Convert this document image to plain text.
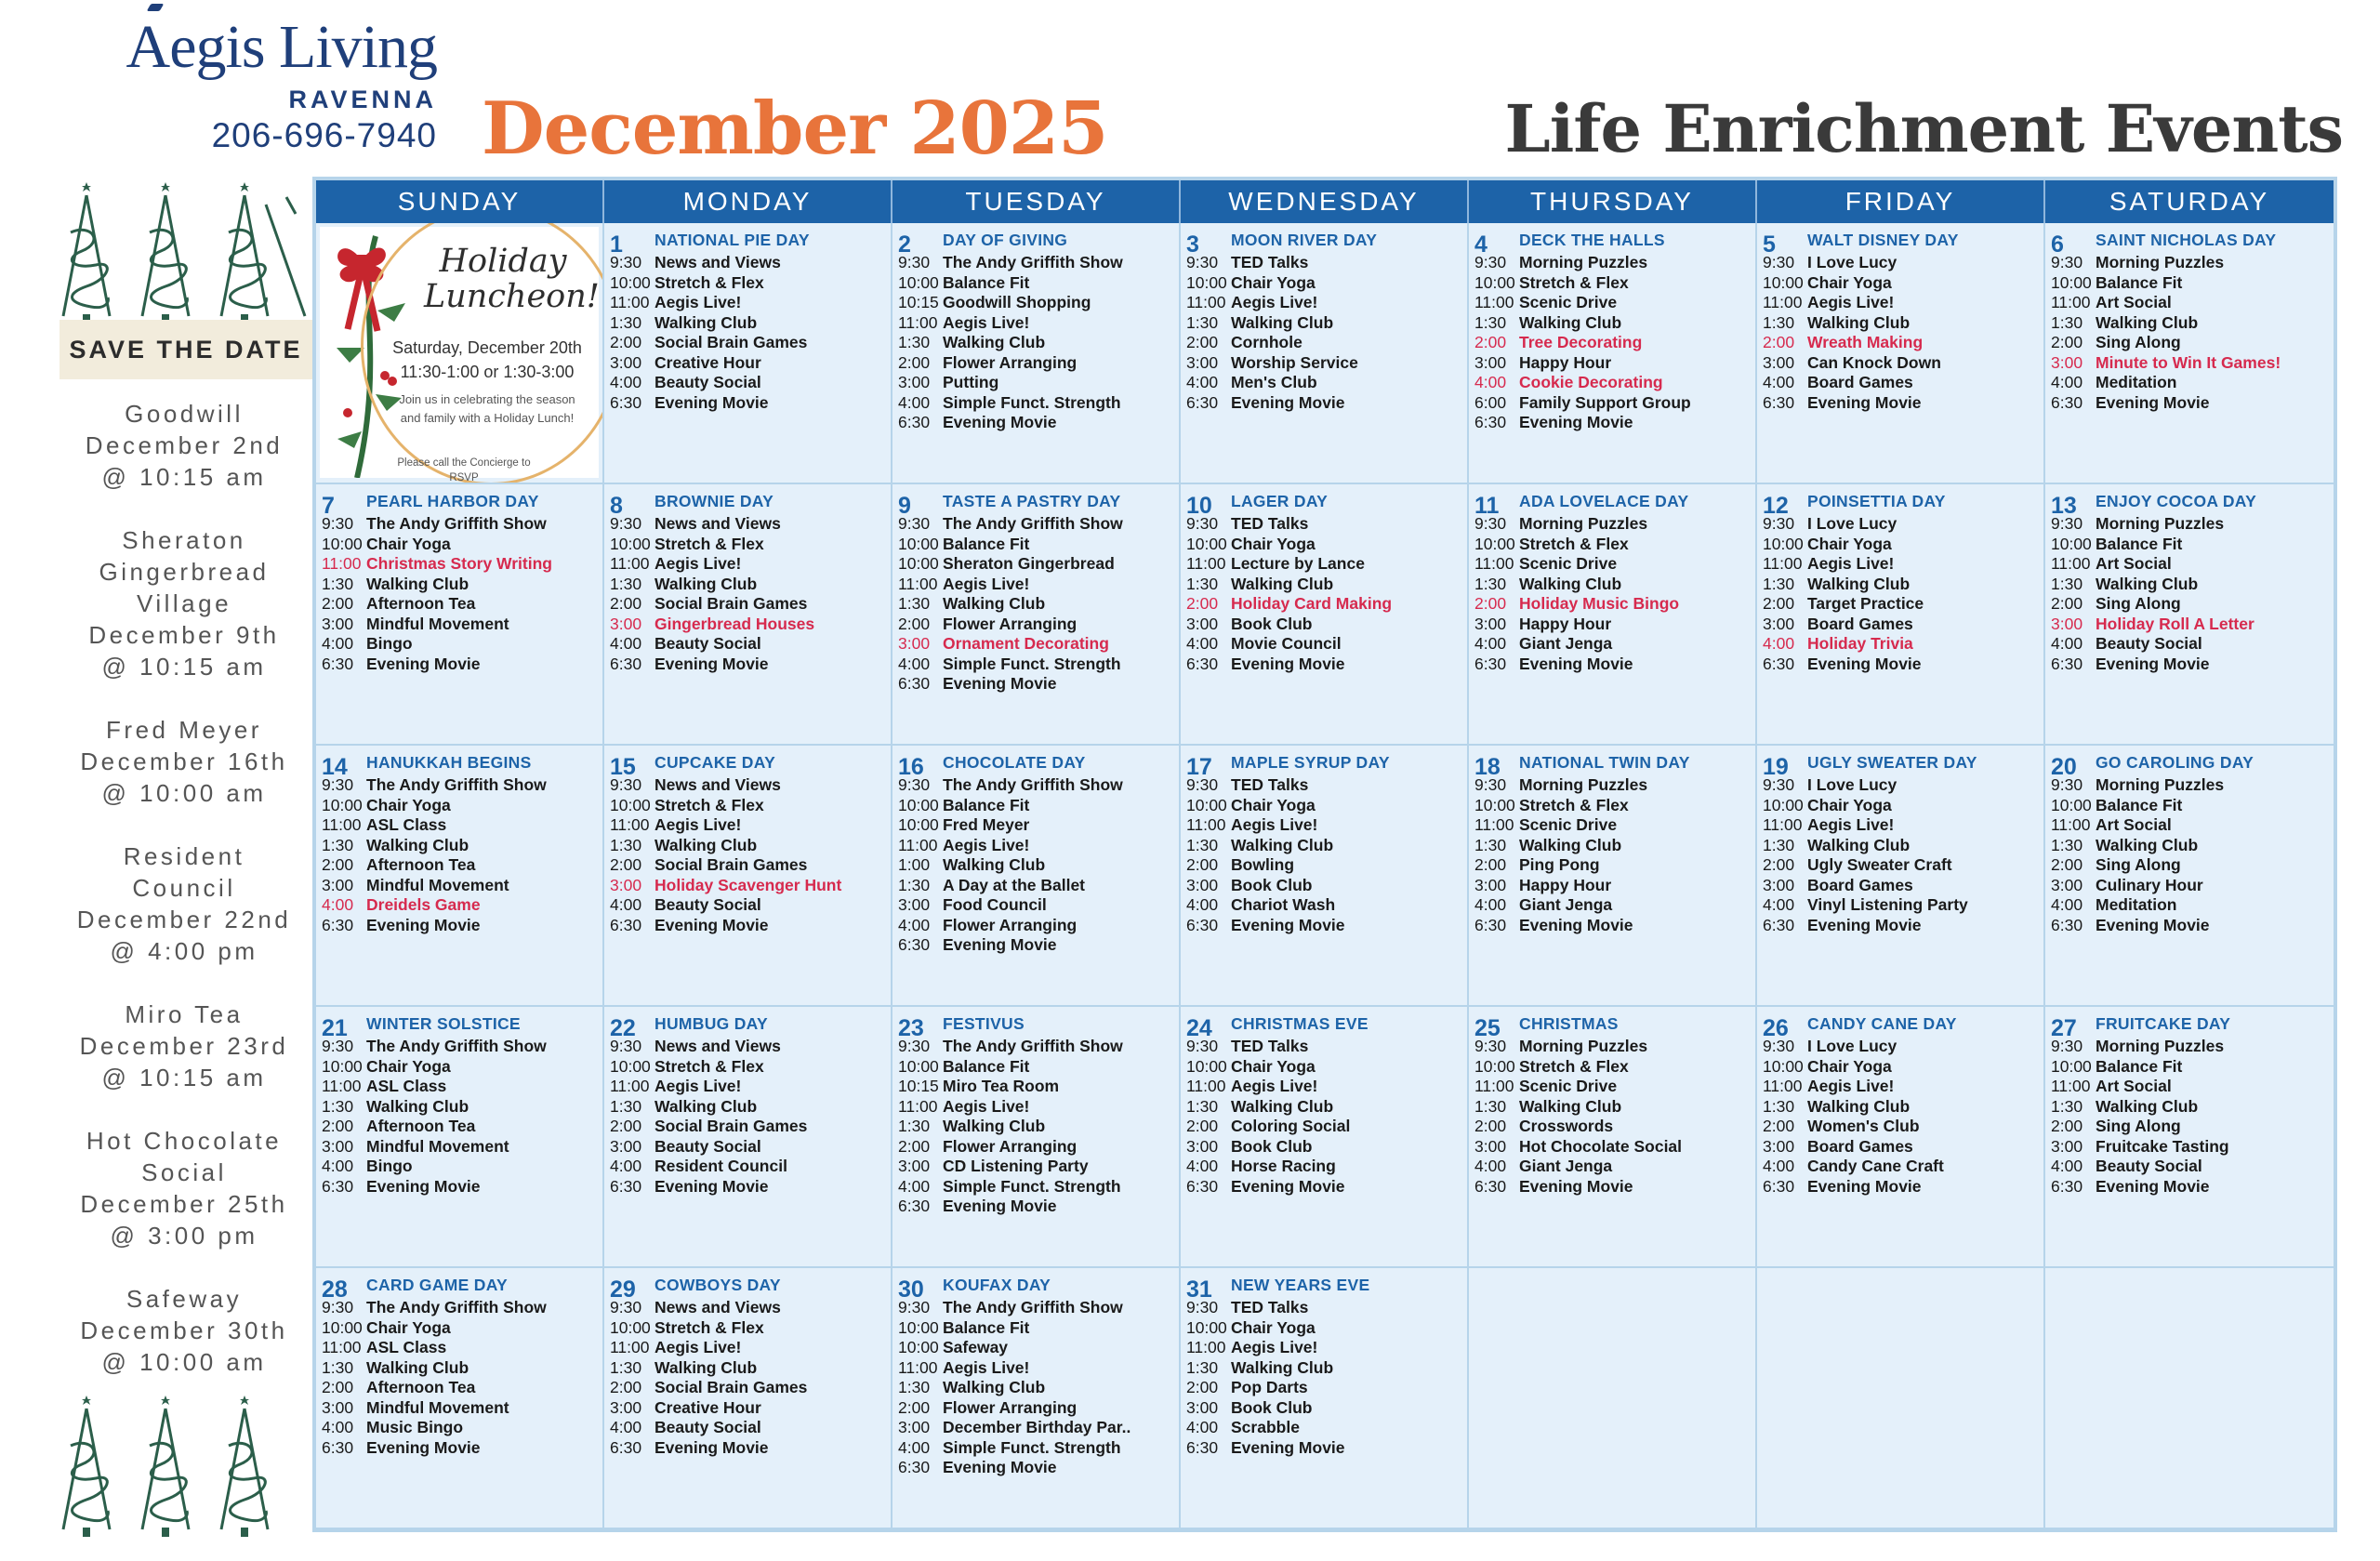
Aegis Living
RAVENNA
206-696-7940 December 2025	Life Enrichment Events
SAVE THE DATE
Goodwill
December 2nd
@ 10:15 am
Sheraton
Gingerbread
Village
December 9th
@ 10:15 am
Fred Meyer
December 16th
@ 10:00 am
Resident
Council
December 22nd
@ 4:00 pm
Miro Tea
December 23rd
@ 10:15 am
Hot Chocolate
Social
December 25th
@ 3:00 pm
Safeway
December 30th
@ 10:00 am
SUNDAY	MONDAY	TUESDAY	WEDNESDAY	THURSDAY	FRIDAY	SATURDAY
Holiday
Luncheon!
Saturday, December 20th
11:30-1:00 or 1:30-3:00
Join us in celebrating the season and family with a Holiday Lunch!
Please call the Concierge to RSVP
1	NATIONAL PIE DAY
9:30 News and Views
10:00 Stretch & Flex
11:00 Aegis Live!
1:30 Walking Club
2:00 Social Brain Games
3:00 Creative Hour
4:00 Beauty Social
6:30 Evening Movie
2	DAY OF GIVING
9:30 The Andy Griffith Show
10:00 Balance Fit
10:15 Goodwill Shopping
11:00 Aegis Live!
1:30 Walking Club
2:00 Flower Arranging
3:00 Putting
4:00 Simple Funct. Strength
6:30 Evening Movie
3	MOON RIVER DAY
9:30 TED Talks
10:00 Chair Yoga
11:00 Aegis Live!
1:30 Walking Club
2:00 Cornhole
3:00 Worship Service
4:00 Men's Club
6:30 Evening Movie
4	DECK THE HALLS
9:30 Morning Puzzles
10:00 Stretch & Flex
11:00 Scenic Drive
1:30 Walking Club
2:00 Tree Decorating
3:00 Happy Hour
4:00 Cookie Decorating
6:00 Family Support Group
6:30 Evening Movie
5	WALT DISNEY DAY
9:30 I Love Lucy
10:00 Chair Yoga
11:00 Aegis Live!
1:30 Walking Club
2:00 Wreath Making
3:00 Can Knock Down
4:00 Board Games
6:30 Evening Movie
6	SAINT NICHOLAS DAY
9:30 Morning Puzzles
10:00 Balance Fit
11:00 Art Social
1:30 Walking Club
2:00 Sing Along
3:00 Minute to Win It Games!
4:00 Meditation
6:30 Evening Movie
7	PEARL HARBOR DAY
9:30 The Andy Griffith Show
10:00 Chair Yoga
11:00 Christmas Story Writing
1:30 Walking Club
2:00 Afternoon Tea
3:00 Mindful Movement
4:00 Bingo
6:30 Evening Movie
8	BROWNIE DAY
9:30 News and Views
10:00 Stretch & Flex
11:00 Aegis Live!
1:30 Walking Club
2:00 Social Brain Games
3:00 Gingerbread Houses
4:00 Beauty Social
6:30 Evening Movie
9	TASTE A PASTRY DAY
9:30 The Andy Griffith Show
10:00 Balance Fit
10:00 Sheraton Gingerbread
11:00 Aegis Live!
1:30 Walking Club
2:00 Flower Arranging
3:00 Ornament Decorating
4:00 Simple Funct. Strength
6:30 Evening Movie
10	LAGER DAY
9:30 TED Talks
10:00 Chair Yoga
11:00 Lecture by Lance
1:30 Walking Club
2:00 Holiday Card Making
3:00 Book Club
4:00 Movie Council
6:30 Evening Movie
11	ADA LOVELACE DAY
9:30 Morning Puzzles
10:00 Stretch & Flex
11:00 Scenic Drive
1:30 Walking Club
2:00 Holiday Music Bingo
3:00 Happy Hour
4:00 Giant Jenga
6:30 Evening Movie
12	POINSETTIA DAY
9:30 I Love Lucy
10:00 Chair Yoga
11:00 Aegis Live!
1:30 Walking Club
2:00 Target Practice
3:00 Board Games
4:00 Holiday Trivia
6:30 Evening Movie
13	ENJOY COCOA DAY
9:30 Morning Puzzles
10:00 Balance Fit
11:00 Art Social
1:30 Walking Club
2:00 Sing Along
3:00 Holiday Roll A Letter
4:00 Beauty Social
6:30 Evening Movie
14	HANUKKAH BEGINS
9:30 The Andy Griffith Show
10:00 Chair Yoga
11:00 ASL Class
1:30 Walking Club
2:00 Afternoon Tea
3:00 Mindful Movement
4:00 Dreidels Game
6:30 Evening Movie
15	CUPCAKE DAY
9:30 News and Views
10:00 Stretch & Flex
11:00 Aegis Live!
1:30 Walking Club
2:00 Social Brain Games
3:00 Holiday Scavenger Hunt
4:00 Beauty Social
6:30 Evening Movie
16	CHOCOLATE DAY
9:30 The Andy Griffith Show
10:00 Balance Fit
10:00 Fred Meyer
11:00 Aegis Live!
1:00 Walking Club
1:30 A Day at the Ballet
3:00 Food Council
4:00 Flower Arranging
6:30 Evening Movie
17	MAPLE SYRUP DAY
9:30 TED Talks
10:00 Chair Yoga
11:00 Aegis Live!
1:30 Walking Club
2:00 Bowling
3:00 Book Club
4:00 Chariot Wash
6:30 Evening Movie
18	NATIONAL TWIN DAY
9:30 Morning Puzzles
10:00 Stretch & Flex
11:00 Scenic Drive
1:30 Walking Club
2:00 Ping Pong
3:00 Happy Hour
4:00 Giant Jenga
6:30 Evening Movie
19	UGLY SWEATER DAY
9:30 I Love Lucy
10:00 Chair Yoga
11:00 Aegis Live!
1:30 Walking Club
2:00 Ugly Sweater Craft
3:00 Board Games
4:00 Vinyl Listening Party
6:30 Evening Movie
20	GO CAROLING DAY
9:30 Morning Puzzles
10:00 Balance Fit
11:00 Art Social
1:30 Walking Club
2:00 Sing Along
3:00 Culinary Hour
4:00 Meditation
6:30 Evening Movie
21	WINTER SOLSTICE
9:30 The Andy Griffith Show
10:00 Chair Yoga
11:00 ASL Class
1:30 Walking Club
2:00 Afternoon Tea
3:00 Mindful Movement
4:00 Bingo
6:30 Evening Movie
22	HUMBUG DAY
9:30 News and Views
10:00 Stretch & Flex
11:00 Aegis Live!
1:30 Walking Club
2:00 Social Brain Games
3:00 Beauty Social
4:00 Resident Council
6:30 Evening Movie
23	FESTIVUS
9:30 The Andy Griffith Show
10:00 Balance Fit
10:15 Miro Tea Room
11:00 Aegis Live!
1:30 Walking Club
2:00 Flower Arranging
3:00 CD Listening Party
4:00 Simple Funct. Strength
6:30 Evening Movie
24	CHRISTMAS EVE
9:30 TED Talks
10:00 Chair Yoga
11:00 Aegis Live!
1:30 Walking Club
2:00 Coloring Social
3:00 Book Club
4:00 Horse Racing
6:30 Evening Movie
25	CHRISTMAS
9:30 Morning Puzzles
10:00 Stretch & Flex
11:00 Scenic Drive
1:30 Walking Club
2:00 Crosswords
3:00 Hot Chocolate Social
4:00 Giant Jenga
6:30 Evening Movie
26	CANDY CANE DAY
9:30 I Love Lucy
10:00 Chair Yoga
11:00 Aegis Live!
1:30 Walking Club
2:00 Women's Club
3:00 Board Games
4:00 Candy Cane Craft
6:30 Evening Movie
27	FRUITCAKE DAY
9:30 Morning Puzzles
10:00 Balance Fit
11:00 Art Social
1:30 Walking Club
2:00 Sing Along
3:00 Fruitcake Tasting
4:00 Beauty Social
6:30 Evening Movie
28	CARD GAME DAY
9:30 The Andy Griffith Show
10:00 Chair Yoga
11:00 ASL Class
1:30 Walking Club
2:00 Afternoon Tea
3:00 Mindful Movement
4:00 Music Bingo
6:30 Evening Movie
29	COWBOYS DAY
9:30 News and Views
10:00 Stretch & Flex
11:00 Aegis Live!
1:30 Walking Club
2:00 Social Brain Games
3:00 Creative Hour
4:00 Beauty Social
6:30 Evening Movie
30	KOUFAX DAY
9:30 The Andy Griffith Show
10:00 Balance Fit
10:00 Safeway
11:00 Aegis Live!
1:30 Walking Club
2:00 Flower Arranging
3:00 December Birthday Par..
4:00 Simple Funct. Strength
6:30 Evening Movie
31	NEW YEARS EVE
9:30 TED Talks
10:00 Chair Yoga
11:00 Aegis Live!
1:30 Walking Club
2:00 Pop Darts
3:00 Book Club
4:00 Scrabble
6:30 Evening Movie
